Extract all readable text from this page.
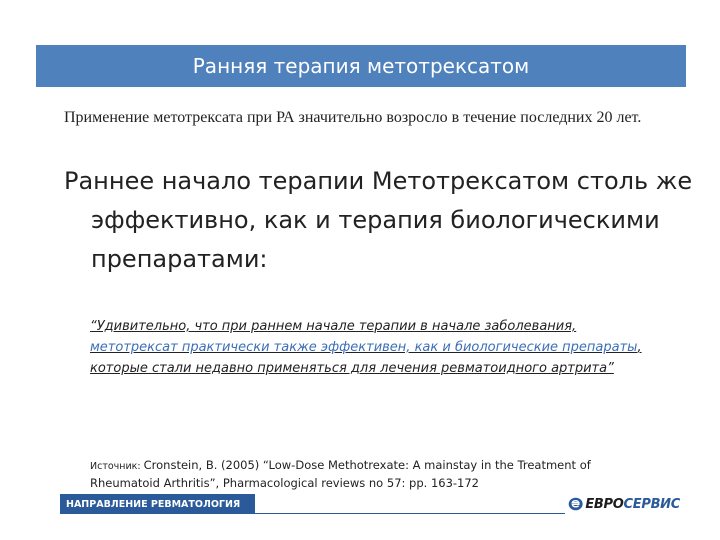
Ранняя терапия метотрексатом
Применение метотрексата при РА значительно возросло в течение последних 20 лет.
Раннее начало терапии Метотрексатом столь же эффективно, как и терапия биологическими препаратами:
“Удивительно, что при раннем начале терапии в начале заболевания, метотрексат практически также эффективен, как и биологические препараты, которые стали недавно применяться для лечения ревматоидного артрита”
Источник: Cronstein, B. (2005) “Low-Dose Methotrexate: A mainstay in the Treatment of Rheumatoid Arthritis”, Pharmacological reviews no 57: pp. 163-172
НАПРАВЛЕНИЕ РЕВМАТОЛОГИЯ	ЕВРОСЕРВИС
